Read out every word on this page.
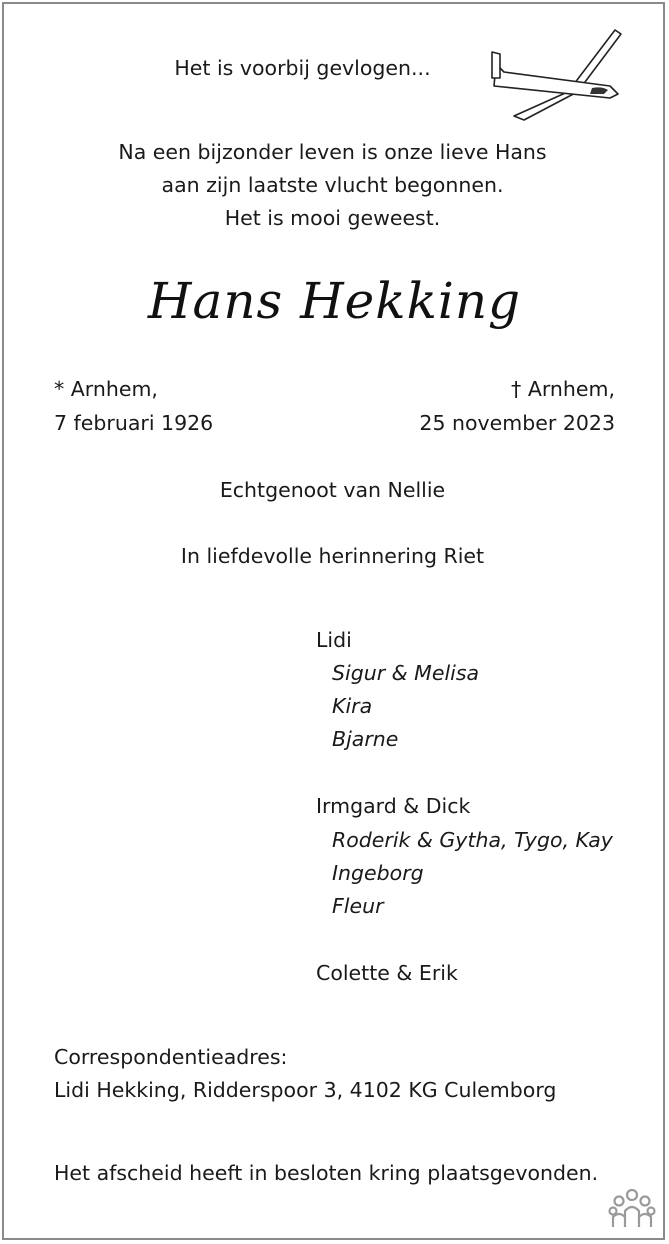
Het is voorbij gevlogen...
Na een bijzonder leven is onze lieve Hans
aan zijn laatste vlucht begonnen.
Het is mooi geweest.
Hans Hekking
* Arnhem,
7 februari 1926
† Arnhem,
25 november 2023
Echtgenoot van Nellie
In liefdevolle herinnering Riet
Lidi
Sigur & Melisa
Kira
Bjarne
Irmgard & Dick
Roderik & Gytha, Tygo, Kay
Ingeborg
Fleur
Colette & Erik
Correspondentieadres:
Lidi Hekking, Ridderspoor 3, 4102 KG Culemborg
Het afscheid heeft in besloten kring plaatsgevonden.
